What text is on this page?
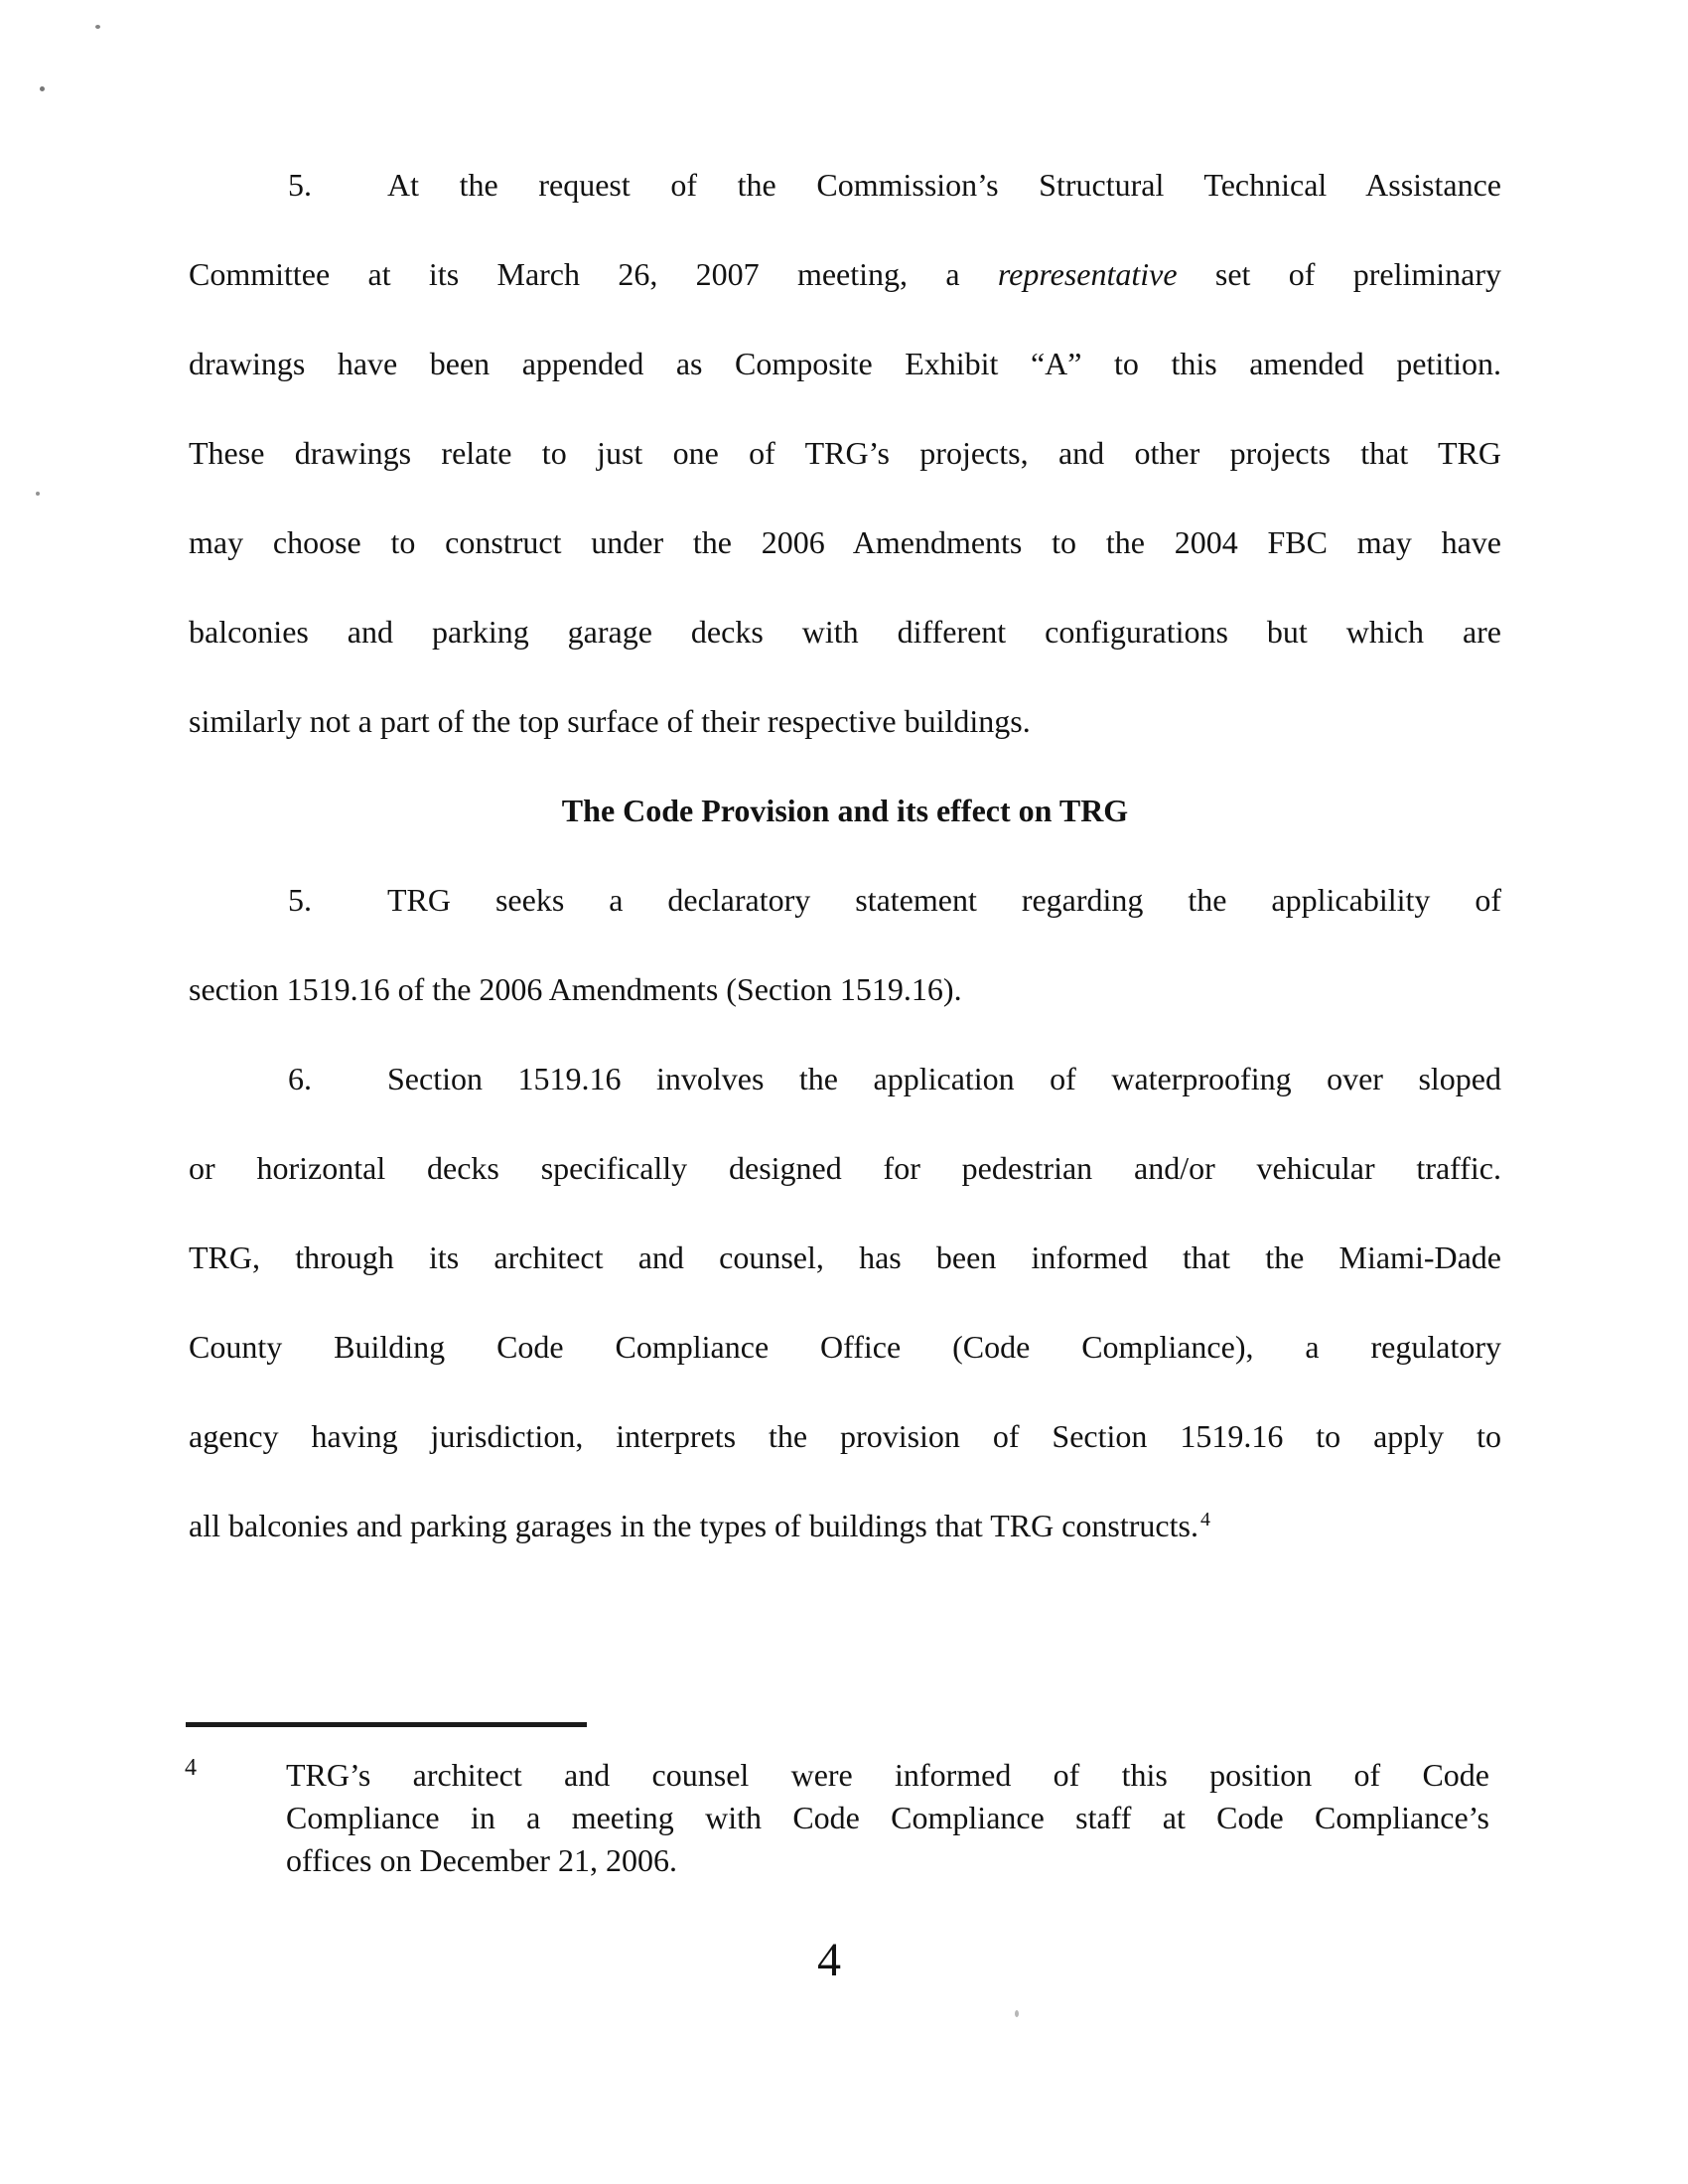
5.	At the request of the Commission’s Structural Technical Assistance
Committee at its March 26, 2007 meeting, a representative set of preliminary
drawings have been appended as Composite Exhibit “A” to this amended petition.
These drawings relate to just one of TRG’s projects, and other projects that TRG
may choose to construct under the 2006 Amendments to the 2004 FBC may have
balconies and parking garage decks with different configurations but which are
similarly not a part of the top surface of their respective buildings.
The Code Provision and its effect on TRG
5.	TRG seeks a declaratory statement regarding the applicability of
section 1519.16 of the 2006 Amendments (Section 1519.16).
6.	Section 1519.16 involves the application of waterproofing over sloped
or horizontal decks specifically designed for pedestrian and/or vehicular traffic.
TRG, through its architect and counsel, has been informed that the Miami-Dade
County Building Code Compliance Office (Code Compliance), a regulatory
agency having jurisdiction, interprets the provision of Section 1519.16 to apply to
all balconies and parking garages in the types of buildings that TRG constructs. $^4$
4	TRG’s architect and counsel were informed of this position of Code
Compliance in a meeting with Code Compliance staff at Code Compliance’s
offices on December 21, 2006.
4
